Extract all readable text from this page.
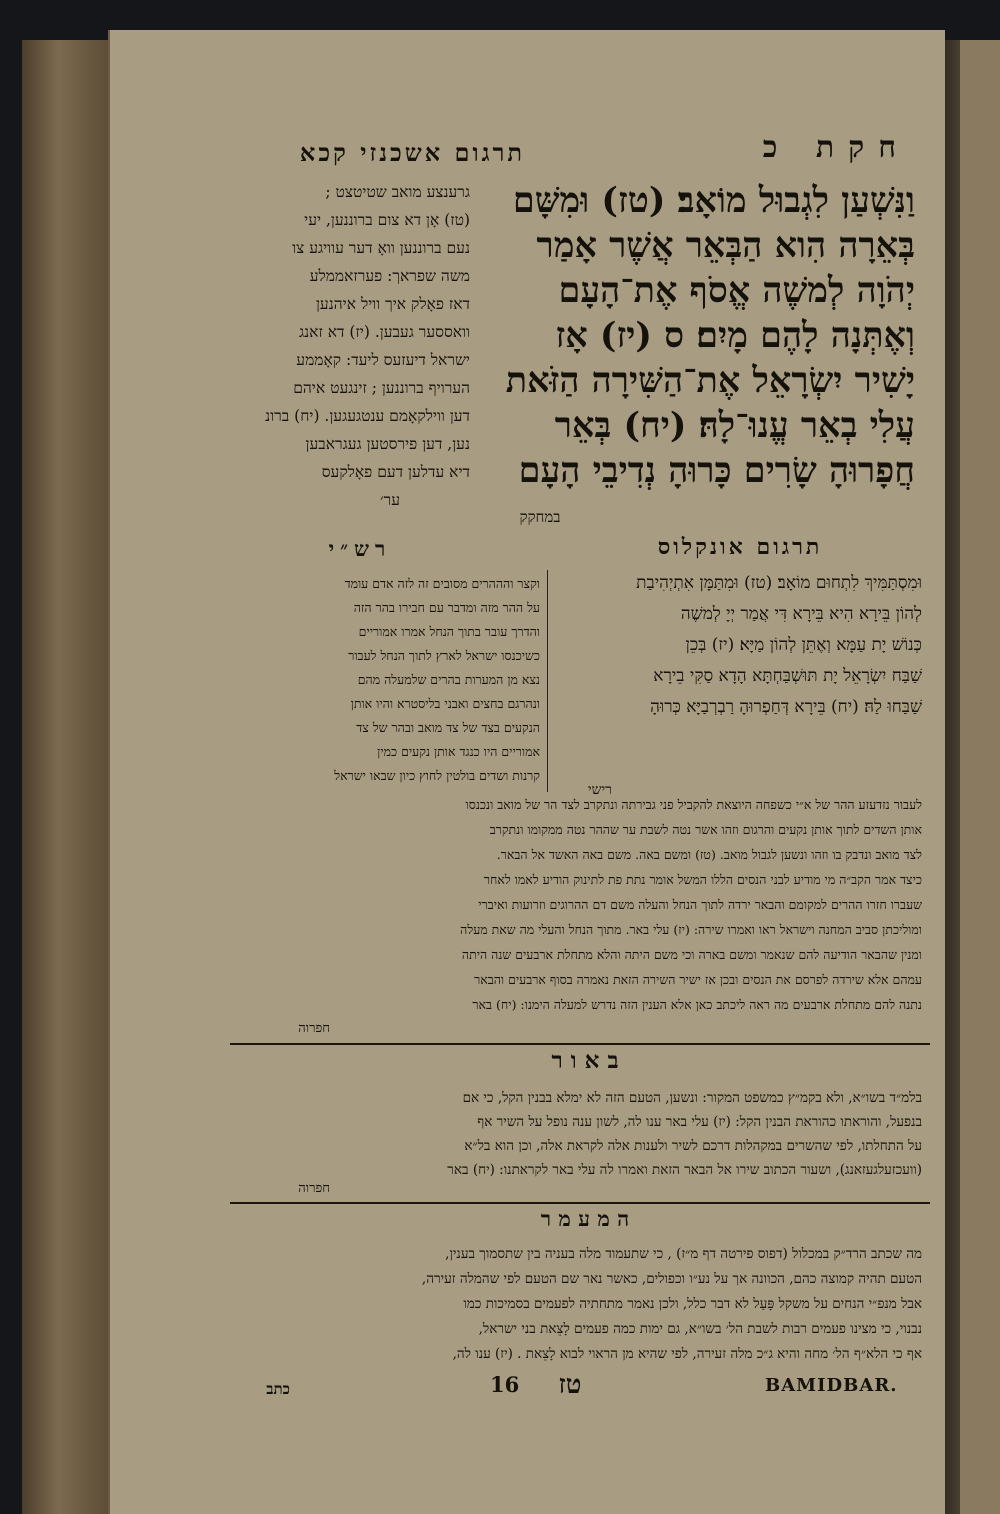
חקת כ
תרגום אשכנזי קכא
וַנִּשְׁעַן לִגְבוּל מוֹאָב׃ (טז) וּמִשָּׁם
בְּאֵרָה הִוא הַבְּאֵר אֲשֶׁר אָמַר
יְהֹוָה לְמשֶׁה אֱסֹף אֶת־הָעָם
וְאֶתְּנָה לָהֶם מָיִם׃ ס (יז) אָז
יָשִׁיר יִשְׂרָאֵל אֶת־הַשִּׁירָה הַזֹּאת
עֲלִי בְאֵר עֱנוּ־לָהּ׃ (יח) בְּאֵר
חֲפָרוּהָ שָׂרִים כָּרוּהָ נְדִיבֵי הָעָם
במחקק
גרענצע מואב שטיטצט ;
(טז) אָן דא צום ברוננען, יעי
נעם ברוננען וואָ דער עוויגע צו
משה שפראך: פערזאממלע
דאז פאָלק איך וויל איהנען
וואססער געבען. (יז) דא זאנג
ישראל דיעזעס ליעד: קאָממע
הערויף ברוננען ; זינגעט איהם
דען ווילקאָמם ענטגעגען. (יח) ברונ
נען, דען פירסטען געגראבען
דיא עדלען דעם פאָלקעס
ער׳
תרגום אונקלוס
וּמִסְתַּמִּיךְ לִתְחוּם מוֹאָב׃ (טז) וּמִתַּמָּן אִתְיְהִיבַת
לְהוֹן בֵּירָא הִיא בֵּירָא דִּי אֲמַר יְיָ לְמשֶׁה
כְּנוֹשׁ יָת עַמָּא וְאֶתֵּן לְהוֹן מַיָּא׃ (יז) בְּכֵן
שַׁבַּח יִשְׂרָאֵל יָת תּוּשְׁבַּחְתָּא הָדָא סַקִּי בֵירָא
שַׁבַּחוּ לַהּ׃ (יח) בֵּירָא דְּחַפְרוּהָ רַבְרְבַיָּא כְּרוּהָ
רישי
רש״י
וקצר והההרים מסובים זה לזה אדם עומד
על ההר מזה ומדבר עם חבירו בהר הזה
והדרך עובר בתוך הנחל אמרו אמוריים
כשיכנסו ישראל לארץ לתוך הנחל לעבור
נצא מן המערות בהרים שלמעלה מהם
ונהרגם בחצים ואבני בליסטרא והיו אותן
הנקעים בצד של צד מואב ובהר של צד
אמוריים היו כנגד אותן נקעים כמין
קרנות ושדים בולטין לחוץ כיון שבאו ישראל
לעבור נזדעזע ההר של א״י כשפחה היוצאת להקביל פני גבירתה ונתקרב לצד הר של מואב ונכנסו
אותן השדים לתוך אותן נקעים והרגום וזהו אשר נטה לשבת ער שההר נטה ממקומו ונתקרב
לצד מואב ונדבק בו וזהו ונשען לגבול מואב. (טז) ומשם באה. משם באה האשד אל הבאר.
כיצד אמר הקב״ה מי מודיע לבני הנסים הללו המשל אומר נתת פת לתינוק הודיע לאמו לאחר
שעברו חזרו ההרים למקומם והבאר ירדה לתוך הנחל והעלה משם דם ההרוגים וזרועות ואיברי
ומוליכתן סביב המחנה וישראל ראו ואמרו שירה: (יז) עלי באר. מתוך הנחל והעלי מה שאת מעלה
ומנין שהבאר הודיעה להם שנאמר ומשם בארה וכי משם היתה והלא מתחלת ארבעים שנה היתה
עמהם אלא שירדה לפרסם את הנסים ובכן אז ישיר השירה הזאת נאמרה בסוף ארבעים והבאר
נתנה להם מתחלת ארבעים מה ראה ליכתב כאן אלא הענין הזה נדרש למעלה הימנו: (יח) באר
חפרוה
ב א ו ר
בלמ״ד בשו״א, ולא בקמ״ץ כמשפט המקור: ונשען, הטעם הזה לא ימלא בבנין הקל, כי אם
בנפעל, והוראתו כהוראת הבנין הקל: (יז) עלי באר ענו לה, לשון ענה נופל על השיר אף
על התחלתו, לפי שהשרים במקהלות דרכם לשיר ולענות אלה לקראת אלה, וכן הוא בל״א
(וועכזעלגעזאנג), ושעור הכתוב שירו אל הבאר הזאת ואמרו לה עלי באר לקראתנו: (יח) באר
חפרוה
ה מ ע מ ר
מה שכתב הרד״ק במכלול (דפוס פירטה דף מ״ז) , כי שתעמוד מלה בעניה בין שתסמוך בענין,
הטעם תהיה קמוצה כהם, הכוונה אך על נע״ו וכפולים, כאשר נאר שם הטעם לפי שהמלה זעירה,
אבל מנפ״י הנחים על משקל פָּעַל לא דבר כלל, ולכן נאמר מתחתיה לפעמים בסמיכות כמו
נבנוי, כי מצינו פעמים רבות לשבת הל׳ בשו״א, גם ימות כמה פעמים לָצֵאת בני ישראל,
אף כי הלא״ף הל׳ מחה והיא ג״כ מלה זעירה, לפי שהיא מן הראוי לבוא לָצֵאת . (יז) ענו לה,
כתב	16	טז	BAMIDBAR.
